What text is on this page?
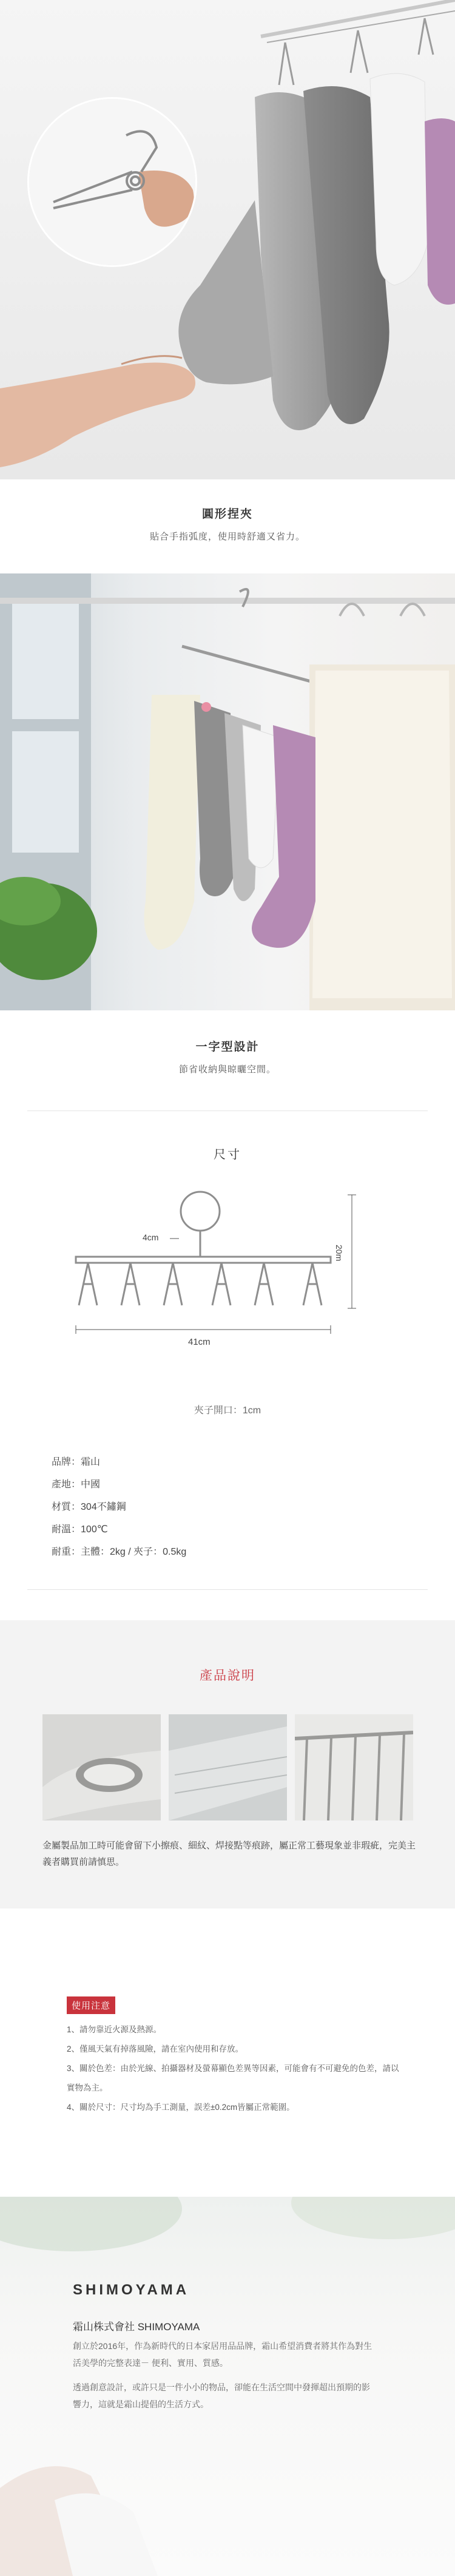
圓形捏夾
貼合手指弧度，使用時舒適又省力。
一字型設計
節省收納與晾曬空間。
尺寸
4cm
20m
41cm
夾子開口：1cm
品牌：霜山
產地：中國
材質：304不鏽鋼
耐溫：100℃
耐重：主體：2kg / 夾子：0.5kg
產品說明
金屬製品加工時可能會留下小擦痕、細紋、焊接點等痕跡，屬正常工藝現象並非瑕疵，完美主義者購買前請慎思。
使用注意
1、請勿靠近火源及熱源。
2、僅風天氣有掉落風險，請在室內使用和存放。
3、關於色差：由於光線、拍攝器材及螢幕顯色差異等因素，可能會有不可避免的色差，請以實物為主。
4、關於尺寸：尺寸均為手工測量，誤差±0.2cm皆屬正常範圍。
SHIMOYAMA
霜山株式會社 SHIMOYAMA
創立於2016年，作為新時代的日本家居用品品牌，霜山希望消費者將其作為對生活美學的完整表達－ 便利、實用、質感。
透過創意設計，或許只是一件小小的物品，卻能在生活空間中發揮超出預期的影響力，這就是霜山提倡的生活方式。
